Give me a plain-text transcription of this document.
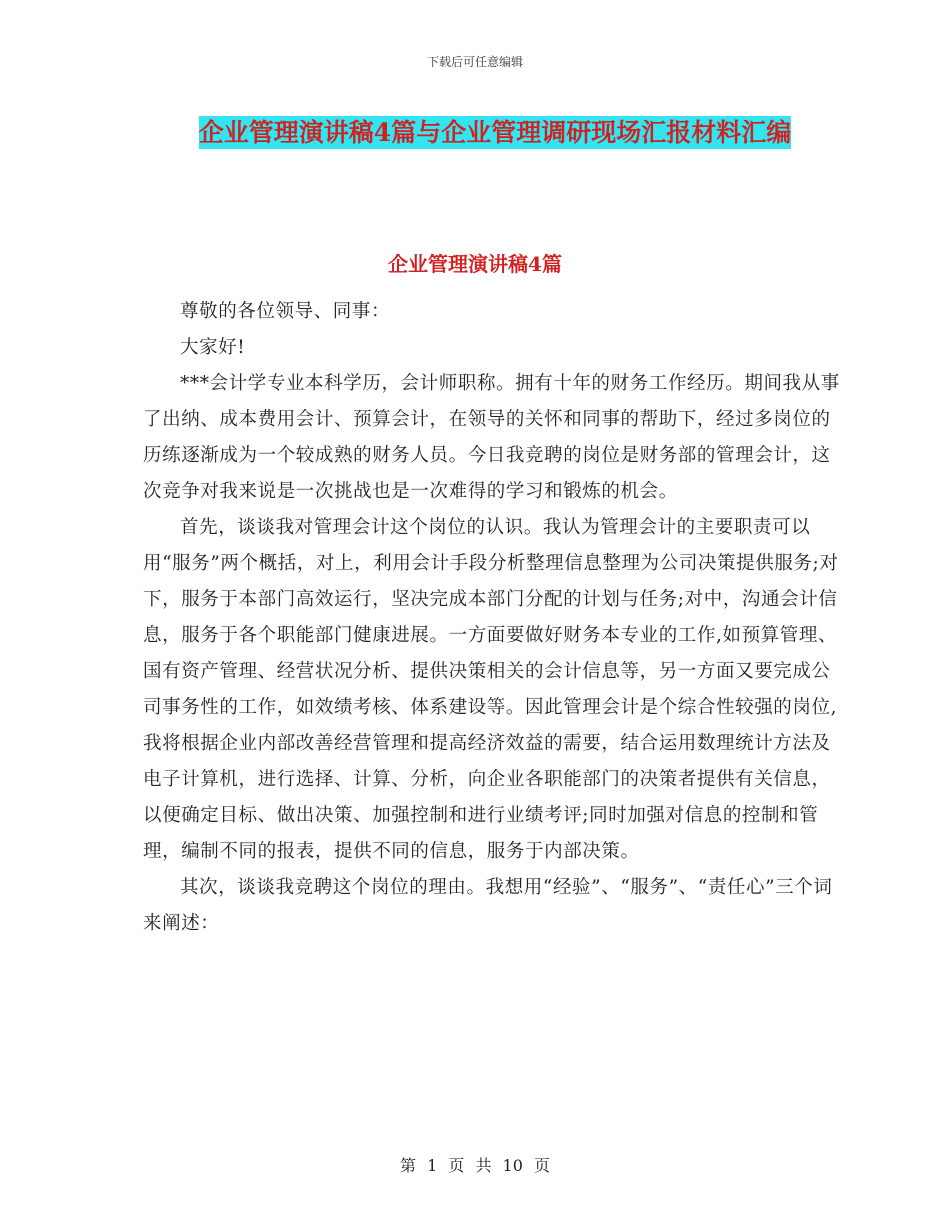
下载后可任意编辑
企业管理演讲稿4篇与企业管理调研现场汇报材料汇编
企业管理演讲稿4篇

尊敬的各位领导、同事：

大家好!

***会计学专业本科学历，会计师职称。拥有十年的财务工作经历。期间我从事了出纳、成本费用会计、预算会计，在领导的关怀和同事的帮助下，经过多岗位的历练逐渐成为一个较成熟的财务人员。今日我竞聘的岗位是财务部的管理会计，这次竞争对我来说是一次挑战也是一次难得的学习和锻炼的机会。

首先，谈谈我对管理会计这个岗位的认识。我认为管理会计的主要职责可以用“服务”两个概括，对上，利用会计手段分析整理信息整理为公司决策提供服务;对下，服务于本部门高效运行，坚决完成本部门分配的计划与任务;对中，沟通会计信息，服务于各个职能部门健康进展。一方面要做好财务本专业的工作,如预算管理、国有资产管理、经营状况分析、提供决策相关的会计信息等，另一方面又要完成公司事务性的工作，如效绩考核、体系建设等。因此管理会计是个综合性较强的岗位,我将根据企业内部改善经营管理和提高经济效益的需要，结合运用数理统计方法及电子计算机，进行选择、计算、分析，向企业各职能部门的决策者提供有关信息，以便确定目标、做出决策、加强控制和进行业绩考评;同时加强对信息的控制和管理，编制不同的报表，提供不同的信息，服务于内部决策。

其次，谈谈我竞聘这个岗位的理由。我想用“经验”、“服务”、“责任心”三个词来阐述：

第 1 页 共 10 页
